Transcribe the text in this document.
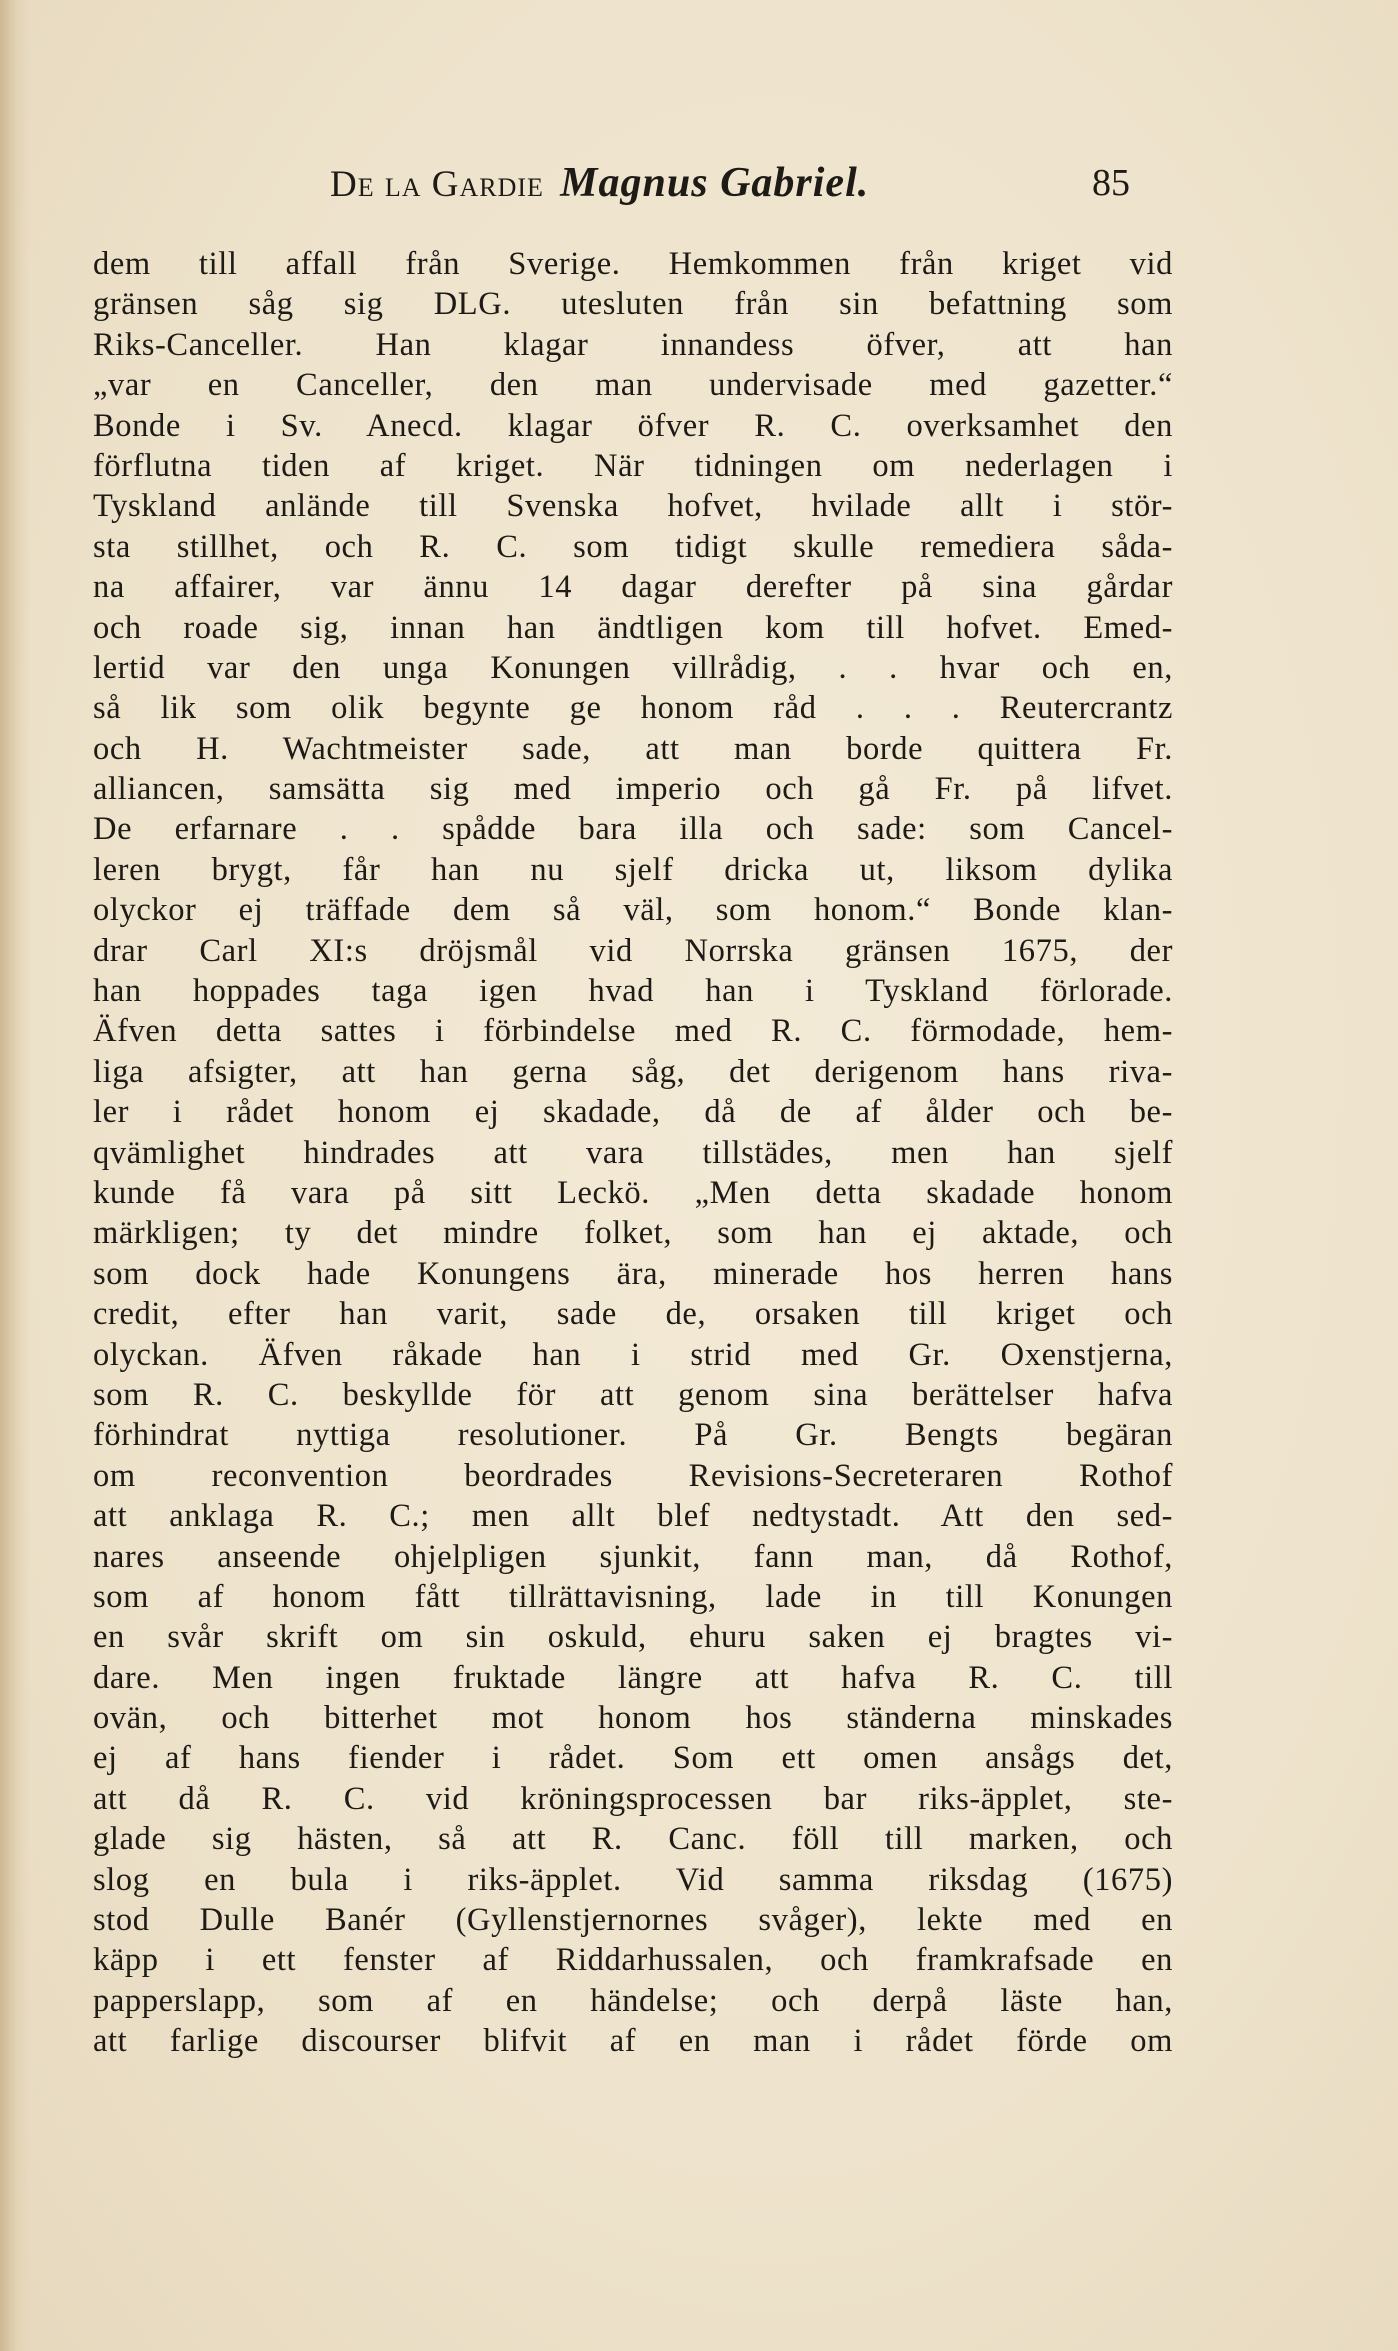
De la Gardie Magnus Gabriel.	85
dem till affall från Sverige. Hemkommen från kriget vid
gränsen såg sig DLG. utesluten från sin befattning som
Riks-Canceller. Han klagar innandess öfver, att han
„var en Canceller, den man undervisade med gazetter.“
Bonde i Sv. Anecd. klagar öfver R. C. overksamhet den
förflutna tiden af kriget. När tidningen om nederlagen i
Tyskland anlände till Svenska hofvet, hvilade allt i stör-
sta stillhet, och R. C. som tidigt skulle remediera såda-
na affairer, var ännu 14 dagar derefter på sina gårdar
och roade sig, innan han ändtligen kom till hofvet. Emed-
lertid var den unga Konungen villrådig, . . hvar och en,
så lik som olik begynte ge honom råd . . . Reutercrantz
och H. Wachtmeister sade, att man borde quittera Fr.
alliancen, samsätta sig med imperio och gå Fr. på lifvet.
De erfarnare . . spådde bara illa och sade: som Cancel-
leren brygt, får han nu sjelf dricka ut, liksom dylika
olyckor ej träffade dem så väl, som honom.“ Bonde klan-
drar Carl XI:s dröjsmål vid Norrska gränsen 1675, der
han hoppades taga igen hvad han i Tyskland förlorade.
Äfven detta sattes i förbindelse med R. C. förmodade, hem-
liga afsigter, att han gerna såg, det derigenom hans riva-
ler i rådet honom ej skadade, då de af ålder och be-
qvämlighet hindrades att vara tillstädes, men han sjelf
kunde få vara på sitt Leckö. „Men detta skadade honom
märkligen; ty det mindre folket, som han ej aktade, och
som dock hade Konungens ära, minerade hos herren hans
credit, efter han varit, sade de, orsaken till kriget och
olyckan. Äfven råkade han i strid med Gr. Oxenstjerna,
som R. C. beskyllde för att genom sina berättelser hafva
förhindrat nyttiga resolutioner. På Gr. Bengts begäran
om reconvention beordrades Revisions-Secreteraren Rothof
att anklaga R. C.; men allt blef nedtystadt. Att den sed-
nares anseende ohjelpligen sjunkit, fann man, då Rothof,
som af honom fått tillrättavisning, lade in till Konungen
en svår skrift om sin oskuld, ehuru saken ej bragtes vi-
dare. Men ingen fruktade längre att hafva R. C. till
ovän, och bitterhet mot honom hos ständerna minskades
ej af hans fiender i rådet. Som ett omen ansågs det,
att då R. C. vid kröningsprocessen bar riks-äpplet, ste-
glade sig hästen, så att R. Canc. föll till marken, och
slog en bula i riks-äpplet. Vid samma riksdag (1675)
stod Dulle Banér (Gyllenstjernornes svåger), lekte med en
käpp i ett fenster af Riddarhussalen, och framkrafsade en
papperslapp, som af en händelse; och derpå läste han,
att farlige discourser blifvit af en man i rådet förde om
